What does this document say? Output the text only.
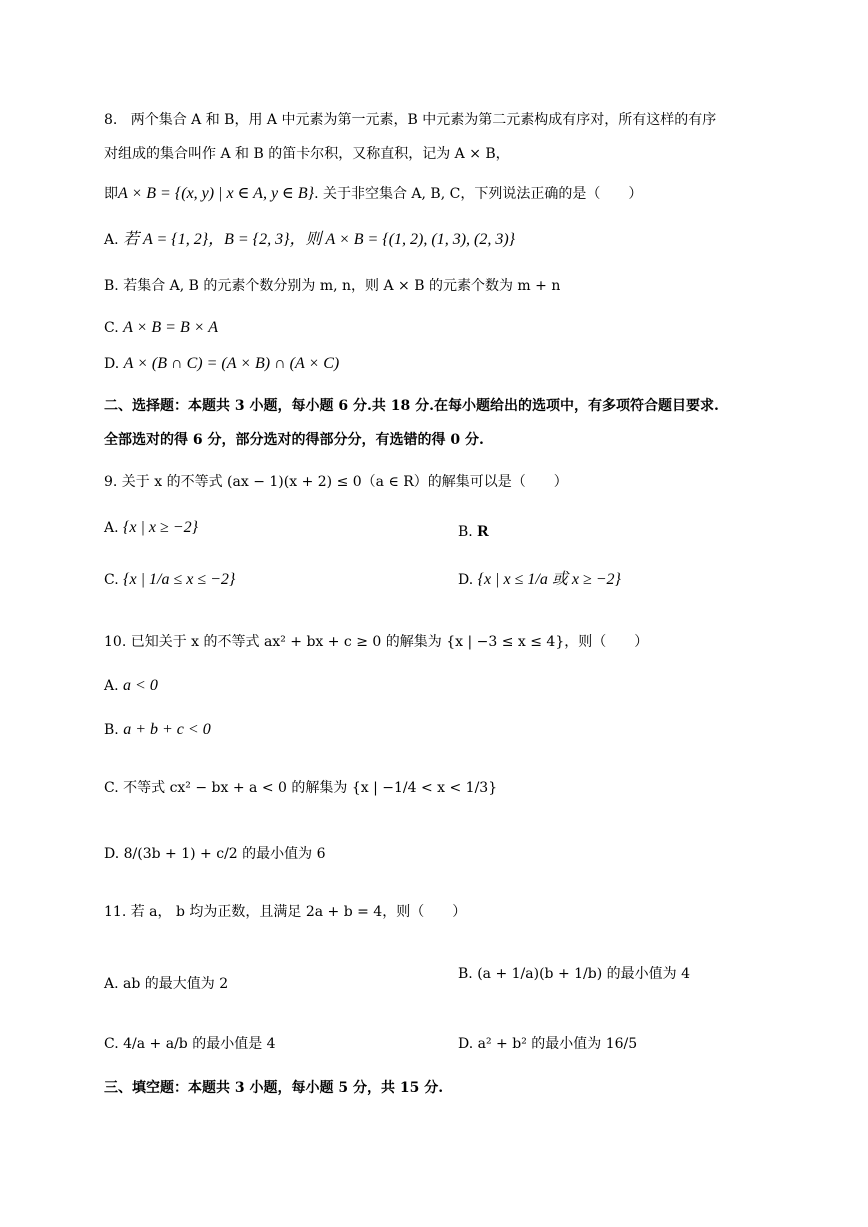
8. 两个集合 A 和 B，用 A 中元素为第一元素，B 中元素为第二元素构成有序对，所有这样的有序
对组成的集合叫作 A 和 B 的笛卡尔积，又称直积，记为 A × B，
即A × B = {(x, y) | x ∈ A, y ∈ B}. 关于非空集合 A, B, C，下列说法正确的是（　　）
A. 若 A = {1, 2}，B = {2, 3}，则 A × B = {(1, 2), (1, 3), (2, 3)}
B. 若集合 A, B 的元素个数分别为 m, n，则 A × B 的元素个数为 m + n
C. A × B = B × A
D. A × (B ∩ C) = (A × B) ∩ (A × C)
二、选择题：本题共 3 小题，每小题 6 分.共 18 分.在每小题给出的选项中，有多项符合题目要求.
全部选对的得 6 分，部分选对的得部分分，有选错的得 0 分.
9. 关于 x 的不等式 (ax − 1)(x + 2) ≤ 0（a ∈ R）的解集可以是（　　）
A. {x | x ≥ −2}	B. R
C. {x | 1/a ≤ x ≤ −2}	D. {x | x ≤ 1/a 或 x ≥ −2}
10. 已知关于 x 的不等式 ax² + bx + c ≥ 0 的解集为 {x | −3 ≤ x ≤ 4}，则（　　）
A. a < 0
B. a + b + c < 0
C. 不等式 cx² − bx + a < 0 的解集为 {x | −1/4 < x < 1/3}
D. 8/(3b + 1) + c/2 的最小值为 6
11. 若 a， b 均为正数，且满足 2a + b = 4，则（　　）
A. ab 的最大值为 2
B. (a + 1/a)(b + 1/b) 的最小值为 4
C. 4/a + a/b 的最小值是 4	D. a² + b² 的最小值为 16/5
三、填空题：本题共 3 小题，每小题 5 分，共 15 分.
